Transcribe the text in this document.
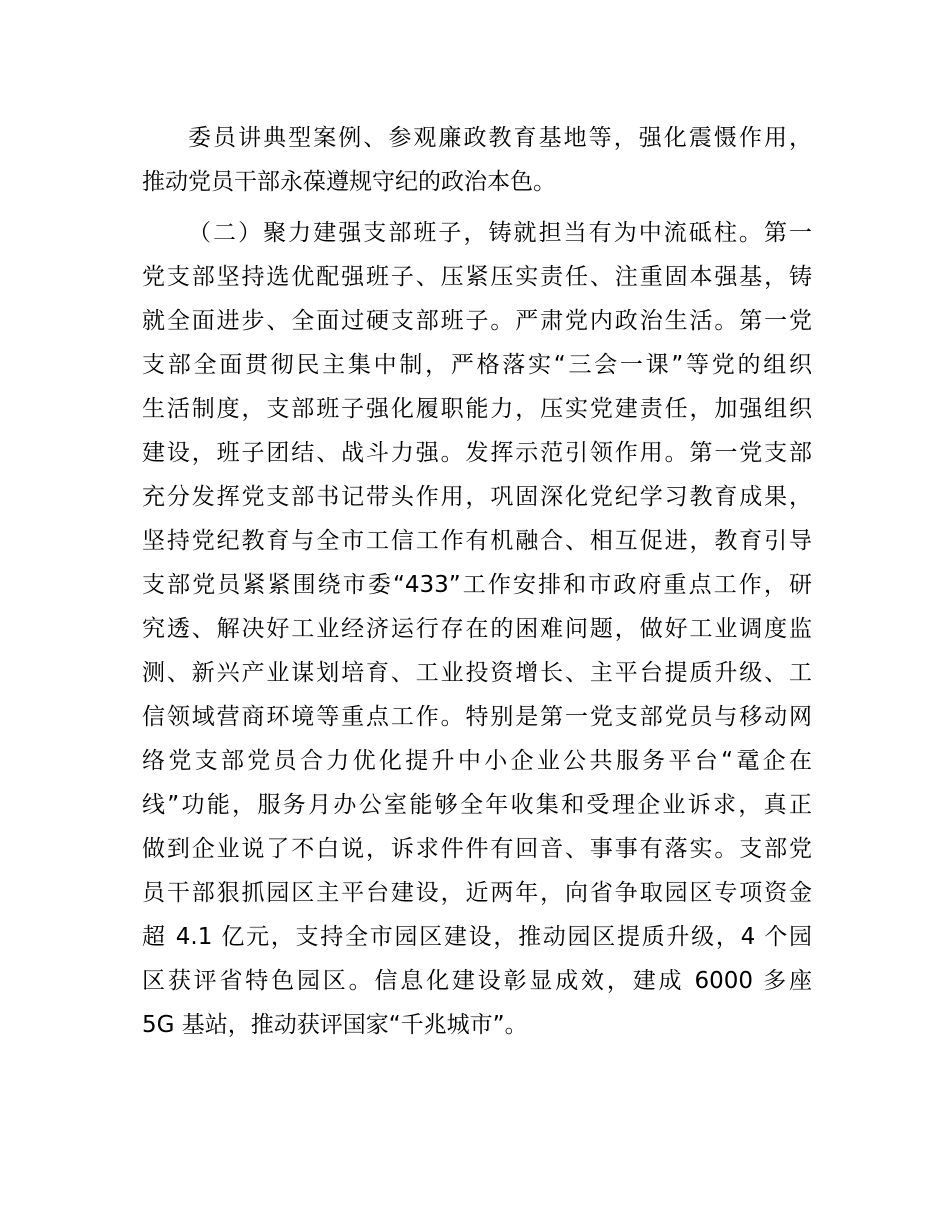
委员讲典型案例、参观廉政教育基地等，强化震慑作用，
推动党员干部永葆遵规守纪的政治本色。
（二）聚力建强支部班子，铸就担当有为中流砥柱。第一
党支部坚持选优配强班子、压紧压实责任、注重固本强基，铸
就全面进步、全面过硬支部班子。严肃党内政治生活。第一党
支部全面贯彻民主集中制，严格落实“三会一课”等党的组织
生活制度，支部班子强化履职能力，压实党建责任，加强组织
建设，班子团结、战斗力强。发挥示范引领作用。第一党支部
充分发挥党支部书记带头作用，巩固深化党纪学习教育成果，
坚持党纪教育与全市工信工作有机融合、相互促进，教育引导
支部党员紧紧围绕市委“433”工作安排和市政府重点工作，研
究透、解决好工业经济运行存在的困难问题，做好工业调度监
测、新兴产业谋划培育、工业投资增长、主平台提质升级、工
信领域营商环境等重点工作。特别是第一党支部党员与移动网
络党支部党员合力优化提升中小企业公共服务平台“鼋企在
线”功能，服务月办公室能够全年收集和受理企业诉求，真正
做到企业说了不白说，诉求件件有回音、事事有落实。支部党
员干部狠抓园区主平台建设，近两年，向省争取园区专项资金
超 4.1 亿元，支持全市园区建设，推动园区提质升级，4 个园
区获评省特色园区。信息化建设彰显成效，建成 6000 多座
5G 基站，推动获评国家“千兆城市”。
